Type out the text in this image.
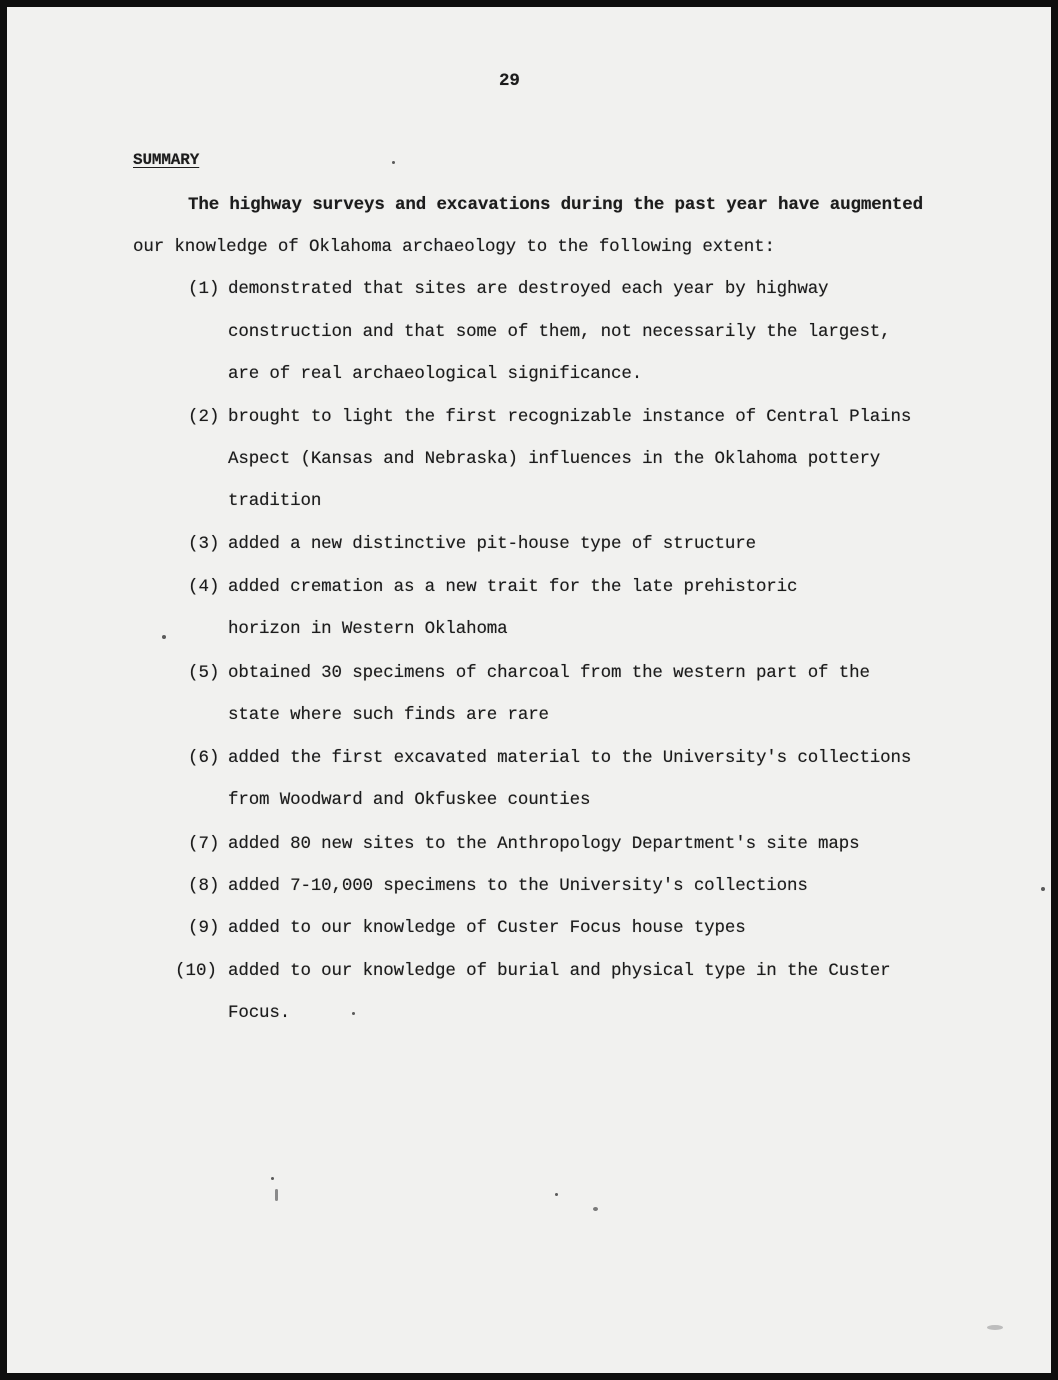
29
SUMMARY
The highway surveys and excavations during the past year have augmented
our knowledge of Oklahoma archaeology to the following extent:
(1) demonstrated that sites are destroyed each year by highway
construction and that some of them, not necessarily the largest,
are of real archaeological significance.
(2) brought to light the first recognizable instance of Central Plains
Aspect (Kansas and Nebraska) influences in the Oklahoma pottery
tradition
(3) added a new distinctive pit-house type of structure
(4) added cremation as a new trait for the late prehistoric
horizon in Western Oklahoma
(5) obtained 30 specimens of charcoal from the western part of the
state where such finds are rare
(6) added the first excavated material to the University's collections
from Woodward and Okfuskee counties
(7) added 80 new sites to the Anthropology Department's site maps
(8) added 7-10,000 specimens to the University's collections
(9) added to our knowledge of Custer Focus house types
(10) added to our knowledge of burial and physical type in the Custer
Focus.
